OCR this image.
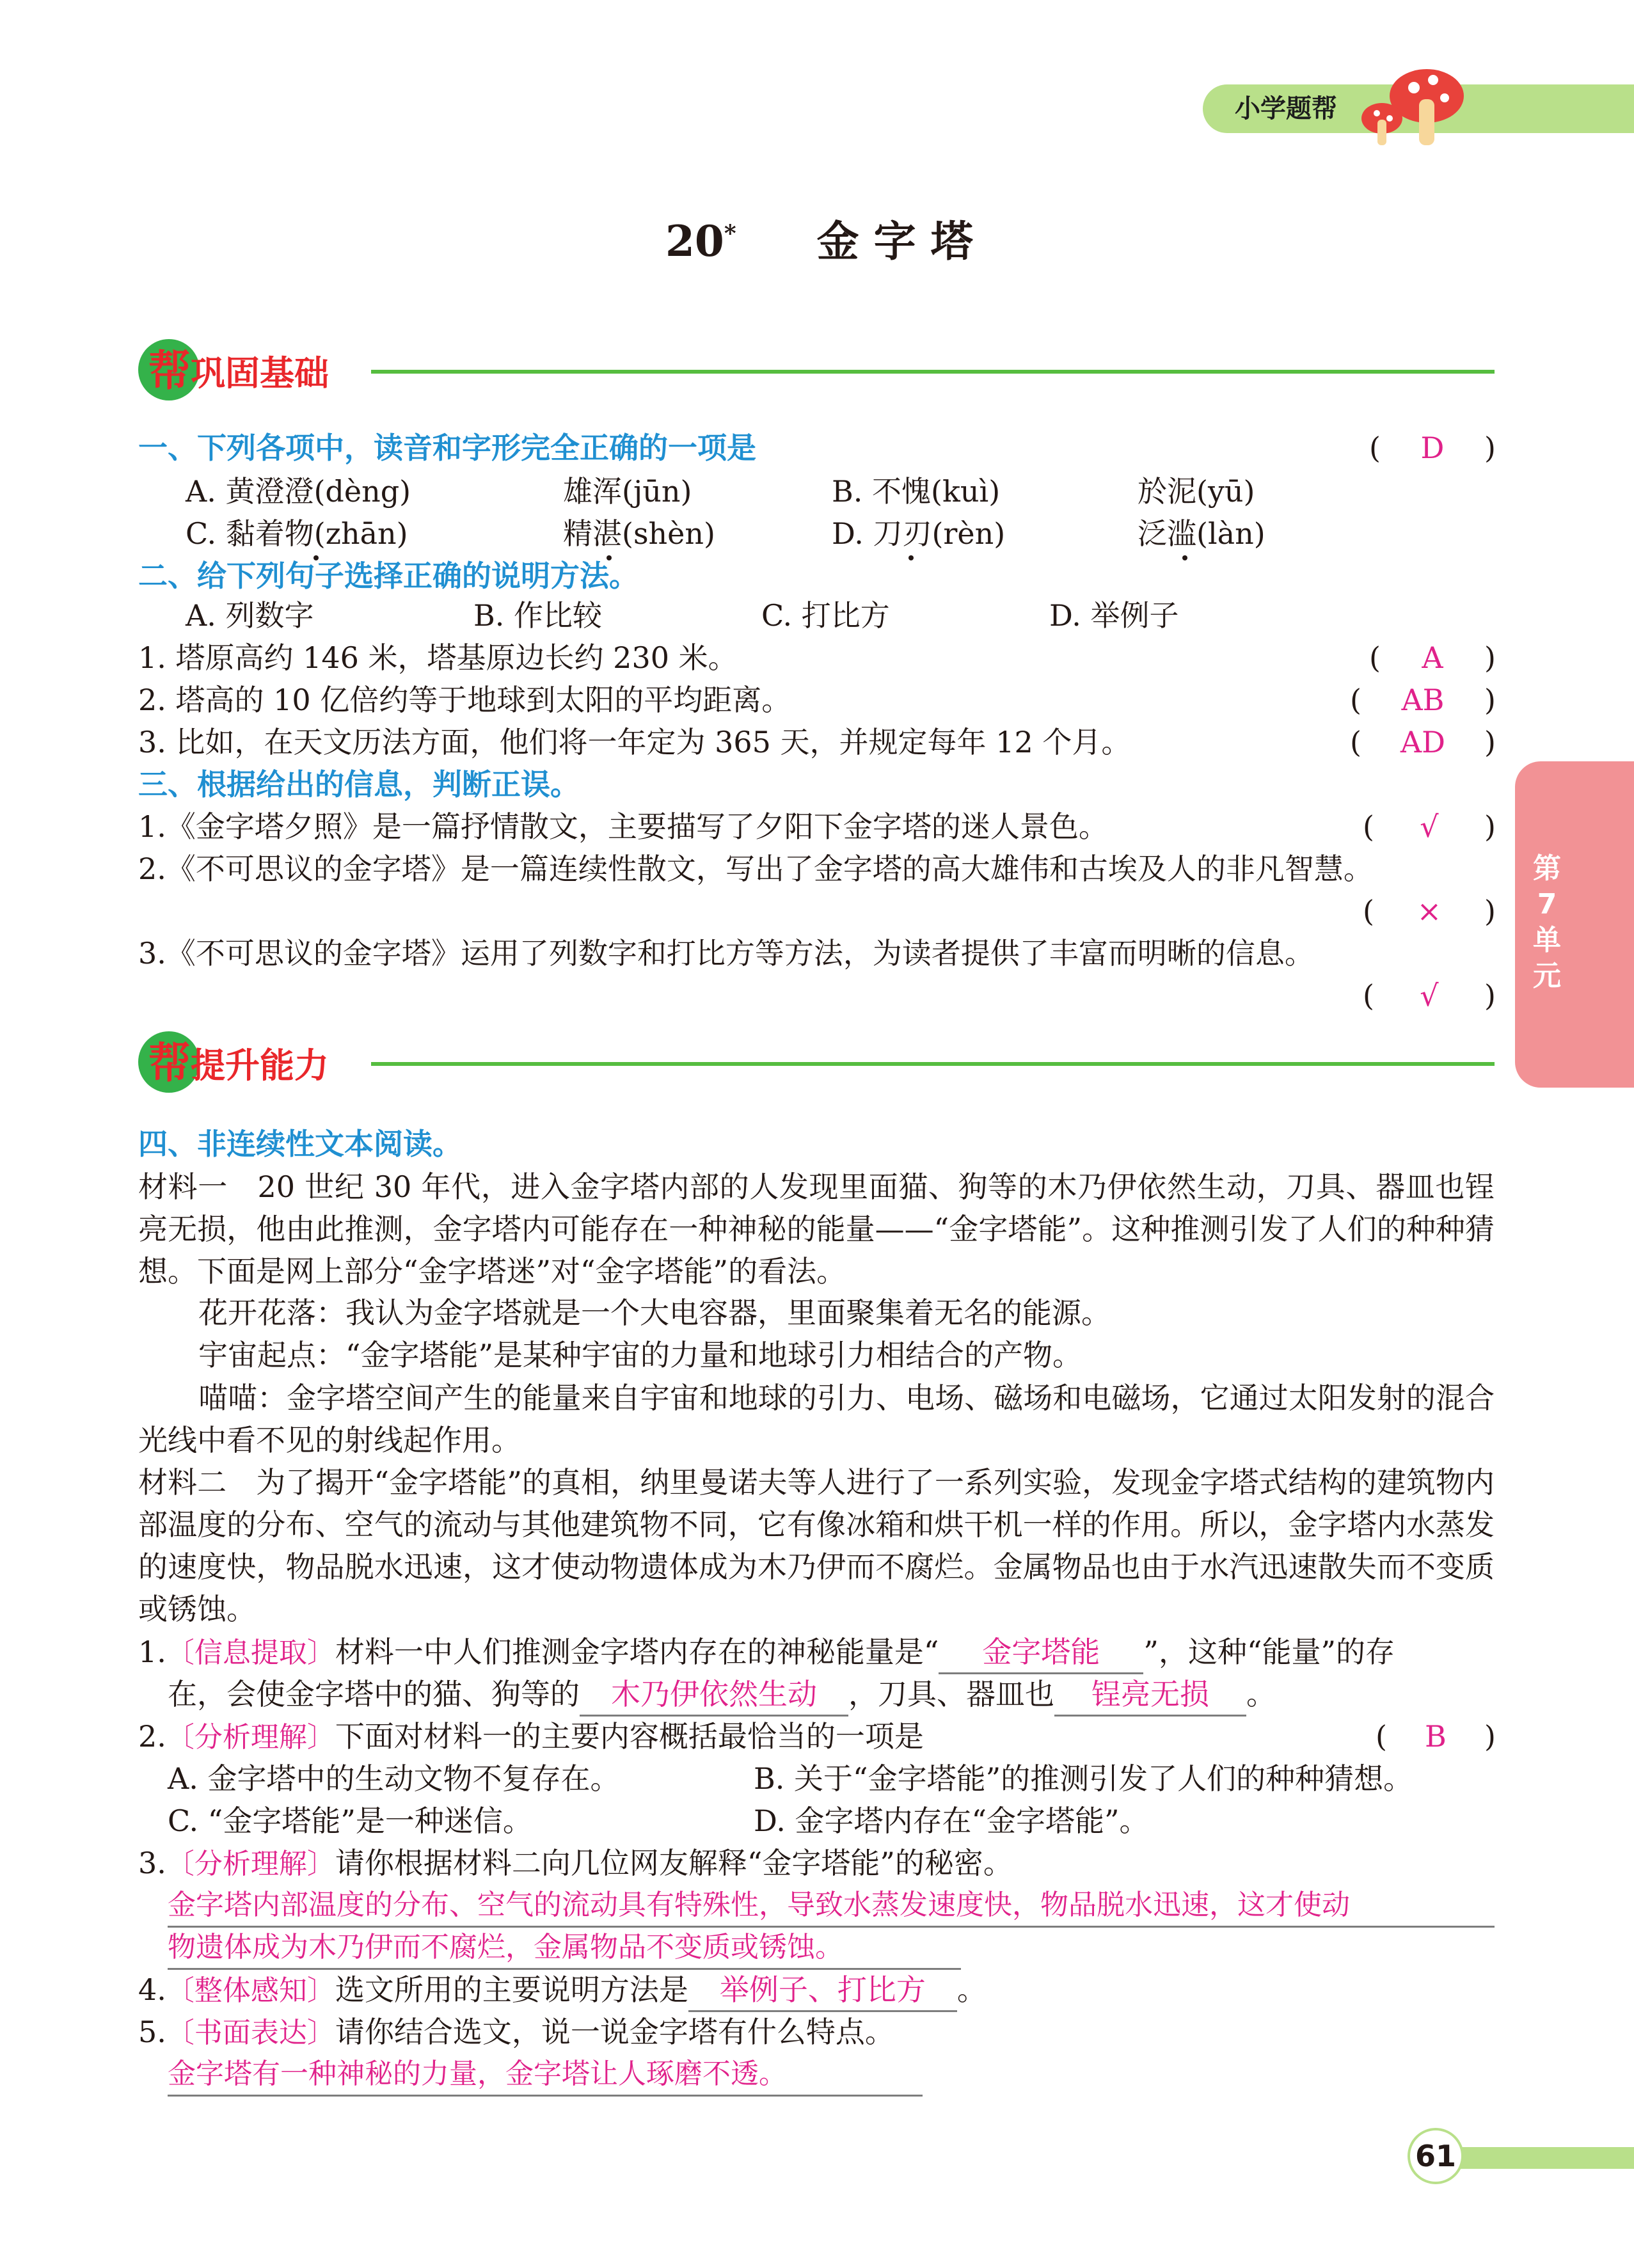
小学题帮
20* 金 字 塔
帮巩固基础
一、下列各项中，读音和字形完全正确的一项是	(　D　)
A. 黄澄澄(dèng)	雄浑(jūn)	B. 不愧(kuì)	於泥(yū)
C. 黏着物(zhān)	精湛(shèn)	D. 刀刃(rèn)	泛滥(làn)
二、给下列句子选择正确的说明方法。
A. 列数字	B. 作比较	C. 打比方	D. 举例子
1. 塔原高约 146 米，塔基原边长约 230 米。	(　A　)
2. 塔高的 10 亿倍约等于地球到太阳的平均距离。	(　AB　)
3. 比如，在天文历法方面，他们将一年定为 365 天，并规定每年 12 个月。	(　AD　)
三、根据给出的信息，判断正误。
1.《金字塔夕照》是一篇抒情散文，主要描写了夕阳下金字塔的迷人景色。	(　√　)
2.《不可思议的金字塔》是一篇连续性散文，写出了金字塔的高大雄伟和古埃及人的非凡智慧。
(　×　)
3.《不可思议的金字塔》运用了列数字和打比方等方法，为读者提供了丰富而明晰的信息。
(　√　)
第7单元
帮提升能力
四、非连续性文本阅读。
材料一　20 世纪 30 年代，进入金字塔内部的人发现里面猫、狗等的木乃伊依然生动，刀具、器皿也锃亮无损，他由此推测，金字塔内可能存在一种神秘的能量——“金字塔能”。这种推测引发了人们的种种猜想。下面是网上部分“金字塔迷”对“金字塔能”的看法。
花开花落：我认为金字塔就是一个大电容器，里面聚集着无名的能源。
宇宙起点：“金字塔能”是某种宇宙的力量和地球引力相结合的产物。
喵喵：金字塔空间产生的能量来自宇宙和地球的引力、电场、磁场和电磁场，它通过太阳发射的混合光线中看不见的射线起作用。
材料二　为了揭开“金字塔能”的真相，纳里曼诺夫等人进行了一系列实验，发现金字塔式结构的建筑物内部温度的分布、空气的流动与其他建筑物不同，它有像冰箱和烘干机一样的作用。所以，金字塔内水蒸发的速度快，物品脱水迅速，这才使动物遗体成为木乃伊而不腐烂。金属物品也由于水汽迅速散失而不变质或锈蚀。
1.〔信息提取〕材料一中人们推测金字塔内存在的神秘能量是“ 金字塔能 ”，这种“能量”的存
在，会使金字塔中的猫、狗等的 木乃伊依然生动 ，刀具、器皿也 锃亮无损 。
2.〔分析理解〕下面对材料一的主要内容概括最恰当的一项是	(　B　)
A. 金字塔中的生动文物不复存在。	B. 关于“金字塔能”的推测引发了人们的种种猜想。
C. “金字塔能”是一种迷信。	D. 金字塔内存在“金字塔能”。
3.〔分析理解〕请你根据材料二向几位网友解释“金字塔能”的秘密。
金字塔内部温度的分布、空气的流动具有特殊性，导致水蒸发速度快，物品脱水迅速，这才使动
物遗体成为木乃伊而不腐烂，金属物品不变质或锈蚀。
4.〔整体感知〕选文所用的主要说明方法是 举例子、打比方 。
5.〔书面表达〕请你结合选文，说一说金字塔有什么特点。
金字塔有一种神秘的力量，金字塔让人琢磨不透。
61
